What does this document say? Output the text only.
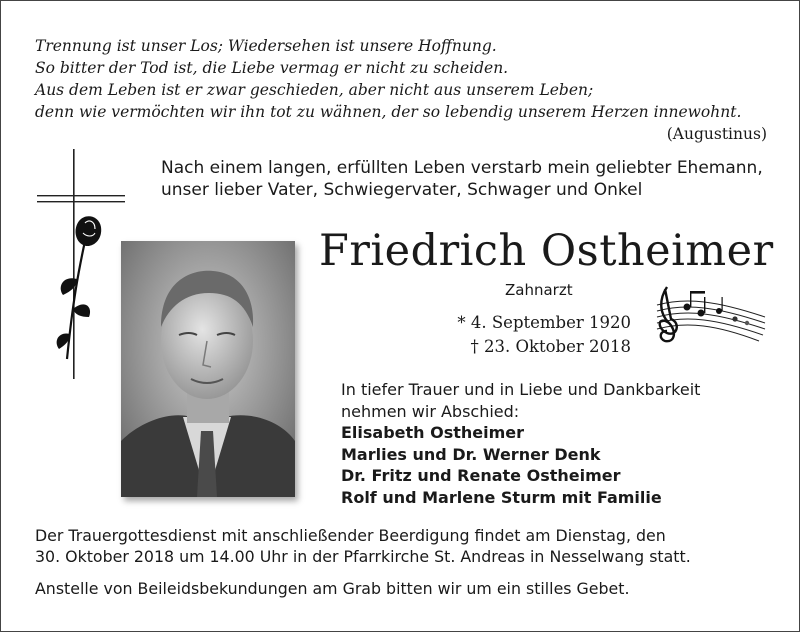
Trennung ist unser Los; Wiedersehen ist unsere Hoffnung.
So bitter der Tod ist, die Liebe vermag er nicht zu scheiden.
Aus dem Leben ist er zwar geschieden, aber nicht aus unserem Leben;
denn wie vermöchten wir ihn tot zu wähnen, der so lebendig unserem Herzen innewohnt.
(Augustinus)
Nach einem langen, erfüllten Leben verstarb mein geliebter Ehemann,
unser lieber Vater, Schwiegervater, Schwager und Onkel
Friedrich Ostheimer
Zahnarzt
* 4. September 1920
† 23. Oktober 2018
In tiefer Trauer und in Liebe und Dankbarkeit
nehmen wir Abschied:
Elisabeth Ostheimer
Marlies und Dr. Werner Denk
Dr. Fritz und Renate Ostheimer
Rolf und Marlene Sturm mit Familie
Der Trauergottesdienst mit anschließender Beerdigung findet am Dienstag, den
30. Oktober 2018 um 14.00 Uhr in der Pfarrkirche St. Andreas in Nesselwang statt.
Anstelle von Beileidsbekundungen am Grab bitten wir um ein stilles Gebet.
